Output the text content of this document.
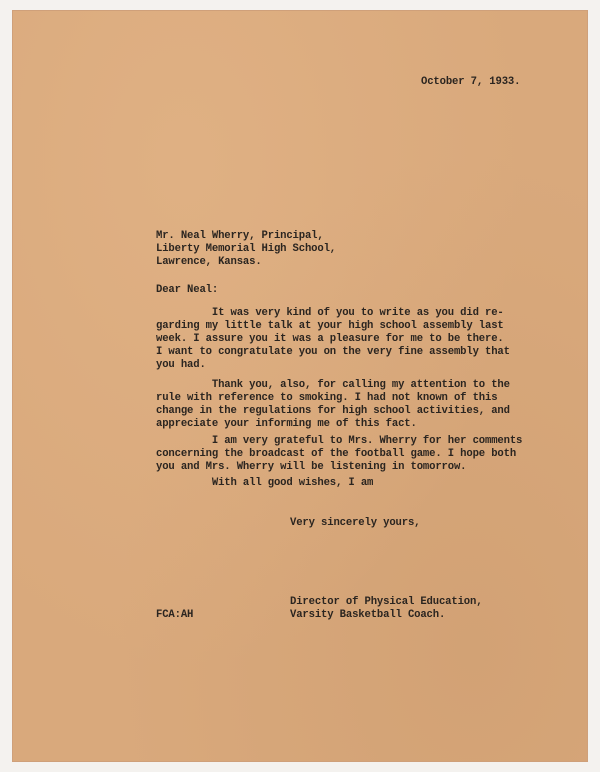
October 7, 1933.

Mr. Neal Wherry, Principal,
Liberty Memorial High School,
Lawrence, Kansas.

Dear Neal:

It was very kind of you to write as you did re-
garding my little talk at your high school assembly last
week. I assure you it was a pleasure for me to be there.
I want to congratulate you on the very fine assembly that
you had.
Thank you, also, for calling my attention to the
rule with reference to smoking. I had not known of this
change in the regulations for high school activities, and
appreciate your informing me of this fact.
I am very grateful to Mrs. Wherry for her comments
concerning the broadcast of the football game. I hope both
you and Mrs. Wherry will be listening in tomorrow.
With all good wishes, I am

Very sincerely yours,

Director of Physical Education,
Varsity Basketball Coach.

FCA:AH
